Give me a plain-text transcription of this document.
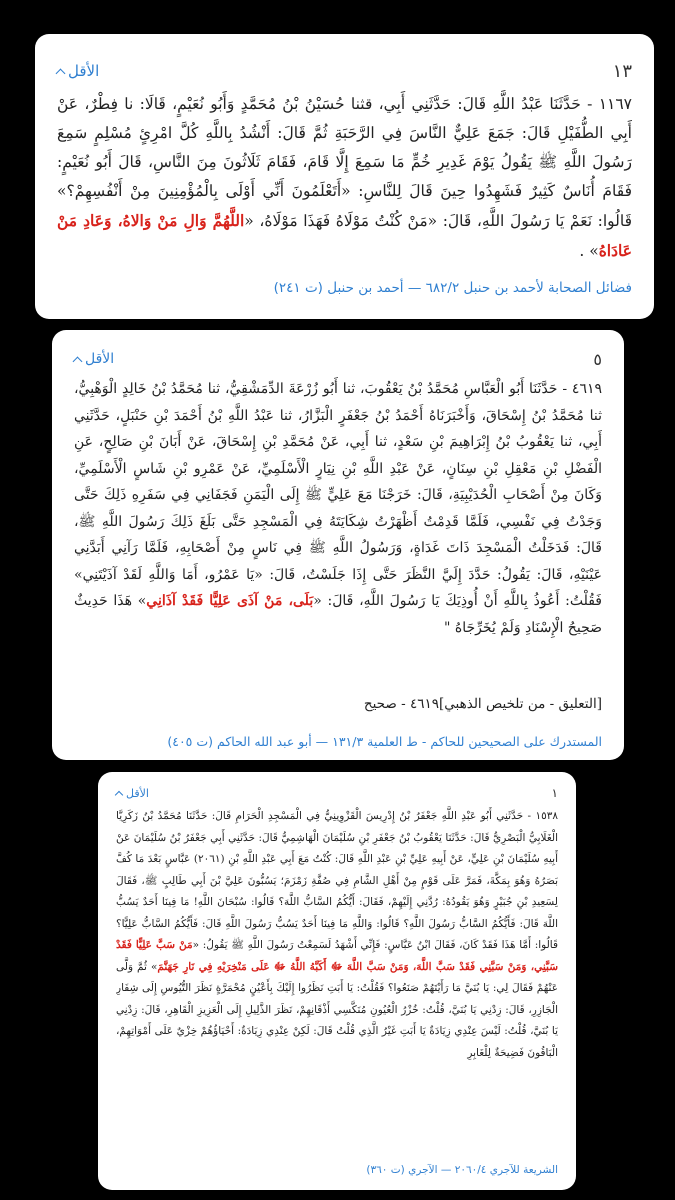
١٣
الأقل
١١٦٧ - حَدَّثَنَا عَبْدُ اللَّهِ قَالَ: حَدَّثَنِي أَبِي، قثنا حُسَيْنُ بْنُ مُحَمَّدٍ وَأَبُو نُعَيْمٍ، قَالَا: نا فِطْرٌ، عَنْ أَبِي الطُّفَيْلِ قَالَ: جَمَعَ عَلِيٌّ النَّاسَ فِي الرَّحَبَةِ ثُمَّ قَالَ: أَنْشُدُ بِاللَّهِ كُلَّ امْرِئٍ مُسْلِمٍ سَمِعَ رَسُولَ اللَّهِ ﷺ يَقُولُ يَوْمَ غَدِيرِ خُمٍّ مَا سَمِعَ إِلَّا قَامَ، فَقَامَ ثَلَاثُونَ مِنَ النَّاسِ، قَالَ أَبُو نُعَيْمٍ: فَقَامَ أُنَاسٌ كَثِيرٌ فَشَهِدُوا حِينَ قَالَ لِلنَّاسِ: «أَتَعْلَمُونَ أَنِّي أَوْلَى بِالْمُؤْمِنِينَ مِنْ أَنْفُسِهِمْ؟» قَالُوا: نَعَمْ يَا رَسُولَ اللَّهِ، قَالَ: «مَنْ كُنْتُ مَوْلَاهُ فَهَذَا مَوْلَاهُ، «اللَّهُمَّ وَالِ مَنْ وَالاهُ، وَعَادِ مَنْ عَادَاهُ» .
فضائل الصحابة لأحمد بن حنبل ٦٨٢/٢ — أحمد بن حنبل (ت ٢٤١)
٥
الأقل
٤٦١٩ - حَدَّثَنَا أَبُو الْعَبَّاسِ مُحَمَّدُ بْنُ يَعْقُوبَ، ثنا أَبُو زُرْعَةَ الدِّمَشْقِيُّ، ثنا مُحَمَّدُ بْنُ خَالِدٍ الْوَهْبِيُّ، ثنا مُحَمَّدُ بْنُ إِسْحَاقَ، وَأَخْبَرَنَاهُ أَحْمَدُ بْنُ جَعْفَرٍ الْبَزَّارُ، ثنا عَبْدُ اللَّهِ بْنُ أَحْمَدَ بْنِ حَنْبَلٍ، حَدَّثَنِي أَبِي، ثنا يَعْقُوبُ بْنُ إِبْرَاهِيمَ بْنِ سَعْدٍ، ثنا أَبِي، عَنْ مُحَمَّدِ بْنِ إِسْحَاقَ، عَنْ أَبَانَ بْنِ صَالِحٍ، عَنِ الْفَضْلِ بْنِ مَعْقِلِ بْنِ سِنَانٍ، عَنْ عَبْدِ اللَّهِ بْنِ نِيَارٍ الْأَسْلَمِيِّ، عَنْ عَمْرِو بْنِ شَاسٍ الْأَسْلَمِيِّ، وَكَانَ مِنْ أَصْحَابِ الْحُدَيْبِيَةِ، قَالَ: خَرَجْنَا مَعَ عَلِيٍّ ﷺ إِلَى الْيَمَنِ فَجَفَانِي فِي سَفَرِهِ ذَلِكَ حَتَّى وَجَدْتُ فِي نَفْسِي، فَلَمَّا قَدِمْتُ أَظْهَرْتُ شِكَايَتَهُ فِي الْمَسْجِدِ حَتَّى بَلَغَ ذَلِكَ رَسُولَ اللَّهِ ﷺ، قَالَ: فَدَخَلْتُ الْمَسْجِدَ ذَاتَ غَدَاةٍ، وَرَسُولُ اللَّهِ ﷺ فِي نَاسٍ مِنْ أَصْحَابِهِ، فَلَمَّا رَآنِي أَبَدَّنِي عَيْنَيْهِ، قَالَ: يَقُولُ: حَدَّدَ إِلَيَّ النَّظَرَ حَتَّى إِذَا جَلَسْتُ، قَالَ: «يَا عَمْرُو، أَمَا وَاللَّهِ لَقَدْ آذَيْتَنِي» فَقُلْتُ: أَعُوذُ بِاللَّهِ أَنْ أُوذِيَكَ يَا رَسُولَ اللَّهِ، قَالَ: «بَلَى، مَنْ آذَى عَلِيًّا فَقَدْ آذَانِي» هَذَا حَدِيثٌ صَحِيحُ الْإِسْنَادِ وَلَمْ يُخَرِّجَاهُ "
[التعليق - من تلخيص الذهبي]٤٦١٩ - صحيح
المستدرك على الصحيحين للحاكم - ط العلمية ١٣١/٣ — أبو عبد الله الحاكم (ت ٤٠٥)
١
الأقل
١٥٣٨ - حَدَّثَنِي أَبُو عَبْدِ اللَّهِ جَعْفَرُ بْنُ إِدْرِيسَ الْقَزْوِينِيُّ فِي الْمَسْجِدِ الْحَرَامِ قَالَ: حَدَّثَنَا مُحَمَّدُ بْنُ زَكَرِيَّا الْغَلَابِيُّ الْبَصْرِيُّ قَالَ: حَدَّثَنَا يَعْقُوبُ بْنُ جَعْفَرِ بْنِ سُلَيْمَانَ الْهَاشِمِيُّ قَالَ: حَدَّثَنِي أَبِي جَعْفَرُ بْنُ سُلَيْمَانَ عَنْ أَبِيهِ سُلَيْمَانَ بْنِ عَلِيٍّ، عَنْ أَبِيهِ عَلِيِّ بْنِ عَبْدِ اللَّهِ قَالَ: كُنْتُ مَعَ أَبِي عَبْدِ اللَّهِ بْنِ (٢٠٦١) عَبَّاسٍ بَعْدَ مَا كُفَّ بَصَرُهُ وَهُوَ بِمَكَّةَ، فَمَرَّ عَلَى قَوْمٍ مِنْ أَهْلِ الشَّامِ فِي صُفَّةِ زَمْزَمَ؛ يَسُبُّونَ عَلِيَّ بْنَ أَبِي طَالِبٍ ﷺ، فَقَالَ لِسَعِيدِ بْنِ جُبَيْرٍ وَهُوَ يَقُودُهُ: رُدَّنِي إِلَيْهِمْ، فَقَالَ: أَيُّكُمُ السَّابُّ اللَّهَ؟ قَالُوا: سُبْحَانَ اللَّهِ! مَا فِينَا أَحَدٌ يَسُبُّ اللَّهَ قَالَ: فَأَيُّكُمُ السَّابُّ رَسُولَ اللَّهِ؟ قَالُوا: وَاللَّهِ مَا فِينَا أَحَدٌ يَسُبُّ رَسُولَ اللَّهِ قَالَ: فَأَيُّكُمُ السَّابُّ عَلِيًّا؟ قَالُوا: أَمَّا هَذَا فَقَدْ كَانَ، فَقَالَ ابْنُ عَبَّاسٍ: فَإِنِّي أَشْهَدُ لَسَمِعْتُ رَسُولَ اللَّهِ ﷺ يَقُولُ: «مَنْ سَبَّ عَلِيًّا فَقَدْ سَبَّنِي، وَمَنْ سَبَّنِي فَقَدْ سَبَّ اللَّهَ، وَمَنْ سَبَّ اللَّهَ ﷻ أَكَبَّهُ اللَّهُ ﷻ عَلَى مَنْخِرَيْهِ فِي نَارِ جَهَنَّمَ» ثُمَّ وَلَّى عَنْهُمْ فَقَالَ لِي: يَا بُنَيَّ مَا رَأَيْتَهُمْ صَنَعُوا؟ فَقُلْتُ: يَا أَبَتِ نَظَرُوا إِلَيْكَ بِأَعْيُنٍ مُحْمَرَّةٍ نَظَرَ التُّيُوسِ إِلَى شِفَارِ الْجَازِرِ، قَالَ: زِدْنِي يَا بُنَيَّ، قُلْتُ: خُزْرُ الْعُيُونِ مُنَكَّسِي أَذْقَانِهِمْ، نَظَرَ الذَّلِيلِ إِلَى الْعَزِيزِ الْقَاهِرِ، قَالَ: زِدْنِي يَا بُنَيَّ، قُلْتُ: لَيْسَ عِنْدِي زِيَادَةٌ يَا أَبَتِ غَيْرُ الَّذِي قُلْتُ قَالَ: لَكِنْ عِنْدِي زِيَادَةٌ: أَحْيَاؤُهُمْ خِزْيٌ عَلَى أَمْوَاتِهِمْ، الْبَاقُونَ فَضِيحَةٌ لِلْغَابِرِ
الشريعة للآجري ٢٠٦٠/٤ — الآجري (ت ٣٦٠)
